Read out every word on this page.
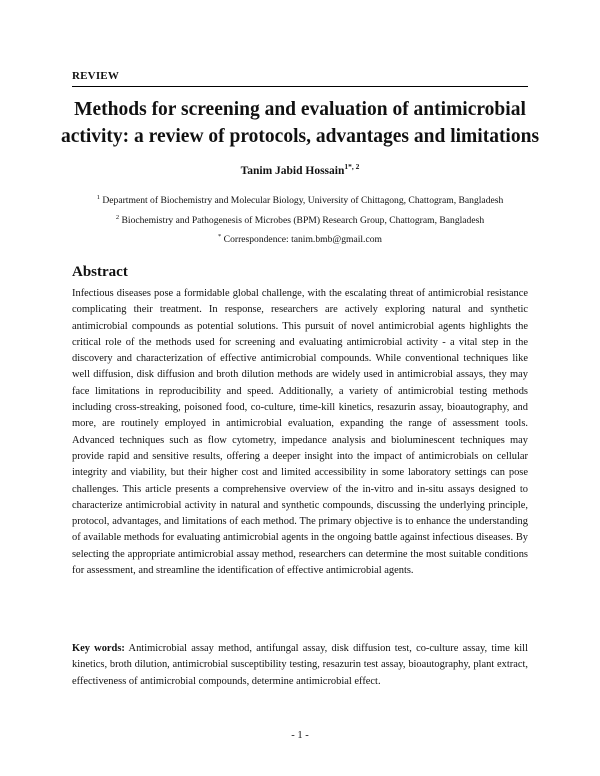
REVIEW
Methods for screening and evaluation of antimicrobial
activity: a review of protocols, advantages and limitations
Tanim Jabid Hossain$^{1*, 2}$
$^1$ Department of Biochemistry and Molecular Biology, University of Chittagong, Chattogram, Bangladesh
$^2$ Biochemistry and Pathogenesis of Microbes (BPM) Research Group, Chattogram, Bangladesh
* Correspondence: tanim.bmb@gmail.com
Abstract
Infectious diseases pose a formidable global challenge, with the escalating threat of antimicrobial resistance complicating their treatment. In response, researchers are actively exploring natural and synthetic antimicrobial compounds as potential solutions. This pursuit of novel antimicrobial agents highlights the critical role of the methods used for screening and evaluating antimicrobial activity - a vital step in the discovery and characterization of effective antimicrobial compounds. While conventional techniques like well diffusion, disk diffusion and broth dilution methods are widely used in antimicrobial assays, they may face limitations in reproducibility and speed. Additionally, a variety of antimicrobial testing methods including cross-streaking, poisoned food, co-culture, time-kill kinetics, resazurin assay, bioautography, and more, are routinely employed in antimicrobial evaluation, expanding the range of assessment tools. Advanced techniques such as flow cytometry, impedance analysis and bioluminescent techniques may provide rapid and sensitive results, offering a deeper insight into the impact of antimicrobials on cellular integrity and viability, but their higher cost and limited accessibility in some laboratory settings can pose challenges. This article presents a comprehensive overview of the in-vitro and in-situ assays designed to characterize antimicrobial activity in natural and synthetic compounds, discussing the underlying principle, protocol, advantages, and limitations of each method. The primary objective is to enhance the understanding of available methods for evaluating antimicrobial agents in the ongoing battle against infectious diseases. By selecting the appropriate antimicrobial assay method, researchers can determine the most suitable conditions for assessment, and streamline the identification of effective antimicrobial agents.
Key words: Antimicrobial assay method, antifungal assay, disk diffusion test, co-culture assay, time kill kinetics, broth dilution, antimicrobial susceptibility testing, resazurin test assay, bioautography, plant extract, effectiveness of antimicrobial compounds, determine antimicrobial effect.
- 1 -
